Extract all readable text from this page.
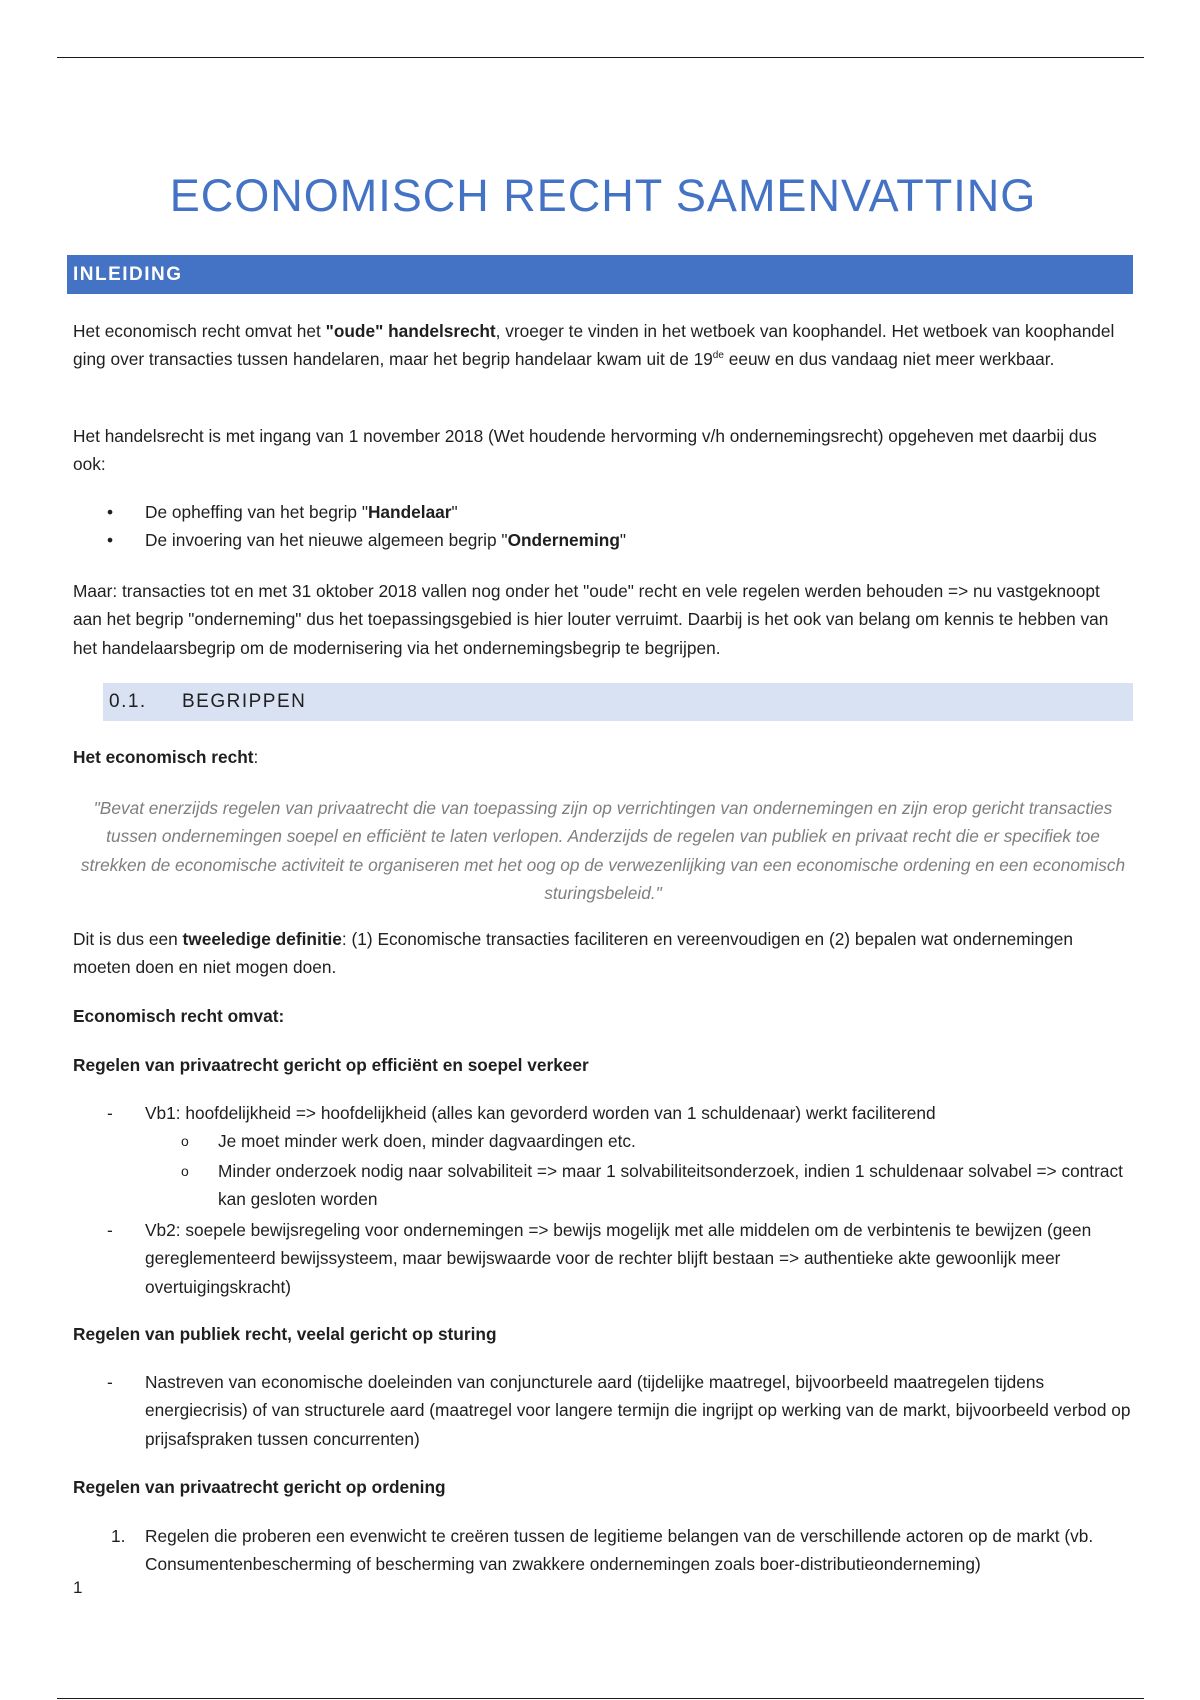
ECONOMISCH RECHT SAMENVATTING
INLEIDING

Het economisch recht omvat het "oude" handelsrecht, vroeger te vinden in het wetboek van koophandel. Het wetboek van koophandel ging over transacties tussen handelaren, maar het begrip handelaar kwam uit de 19de eeuw en dus vandaag niet meer werkbaar.

Het handelsrecht is met ingang van 1 november 2018 (Wet houdende hervorming v/h ondernemingsrecht) opgeheven met daarbij dus ook:

• De opheffing van het begrip "Handelaar"
• De invoering van het nieuwe algemeen begrip "Onderneming"

Maar: transacties tot en met 31 oktober 2018 vallen nog onder het "oude" recht en vele regelen werden behouden => nu vastgeknoopt aan het begrip "onderneming" dus het toepassingsgebied is hier louter verruimt. Daarbij is het ook van belang om kennis te hebben van het handelaarsbegrip om de modernisering via het ondernemingsbegrip te begrijpen.

0.1. BEGRIPPEN

Het economisch recht:

"Bevat enerzijds regelen van privaatrecht die van toepassing zijn op verrichtingen van ondernemingen en zijn erop gericht transacties tussen ondernemingen soepel en efficiënt te laten verlopen. Anderzijds de regelen van publiek en privaat recht die er specifiek toe strekken de economische activiteit te organiseren met het oog op de verwezenlijking van een economische ordening en een economisch sturingsbeleid."

Dit is dus een tweeledige definitie: (1) Economische transacties faciliteren en vereenvoudigen en (2) bepalen wat ondernemingen moeten doen en niet mogen doen.

Economisch recht omvat:

Regelen van privaatrecht gericht op efficiënt en soepel verkeer

- Vb1: hoofdelijkheid => hoofdelijkheid (alles kan gevorderd worden van 1 schuldenaar) werkt faciliterend
o Je moet minder werk doen, minder dagvaardingen etc.
o Minder onderzoek nodig naar solvabiliteit => maar 1 solvabiliteitsonderzoek, indien 1 schuldenaar solvabel => contract kan gesloten worden
- Vb2: soepele bewijsregeling voor ondernemingen => bewijs mogelijk met alle middelen om de verbintenis te bewijzen (geen gereglementeerd bewijssysteem, maar bewijswaarde voor de rechter blijft bestaan => authentieke akte gewoonlijk meer overtuigingskracht)

Regelen van publiek recht, veelal gericht op sturing

- Nastreven van economische doeleinden van conjuncturele aard (tijdelijke maatregel, bijvoorbeeld maatregelen tijdens energiecrisis) of van structurele aard (maatregel voor langere termijn die ingrijpt op werking van de markt, bijvoorbeeld verbod op prijsafspraken tussen concurrenten)

Regelen van privaatrecht gericht op ordening

1. Regelen die proberen een evenwicht te creëren tussen de legitieme belangen van de verschillende actoren op de markt (vb. Consumentenbescherming of bescherming van zwakkere ondernemingen zoals boer-distributieonderneming)
1
